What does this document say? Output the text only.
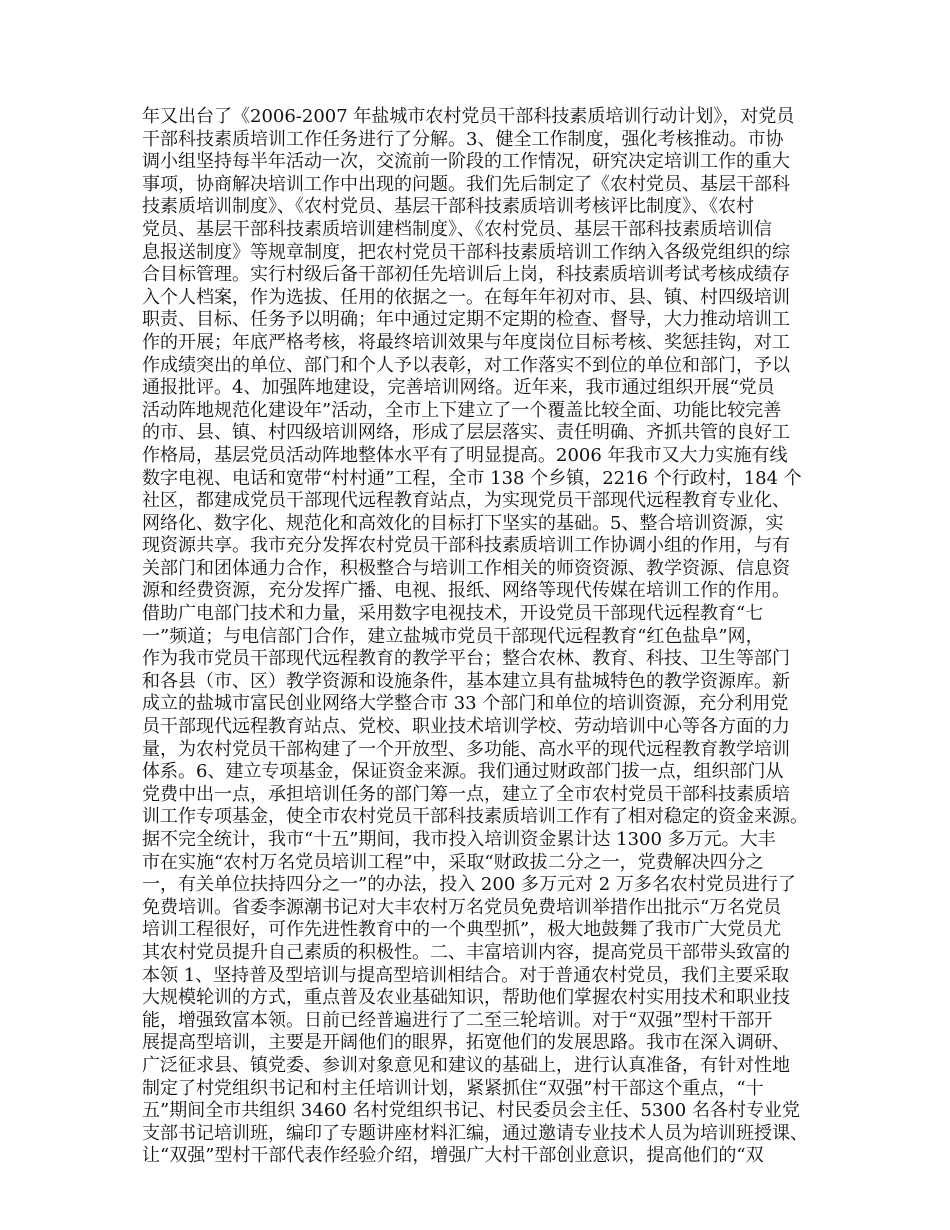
年又出台了《2006-2007 年盐城市农村党员干部科技素质培训行动计划》，对党员
干部科技素质培训工作任务进行了分解。3、健全工作制度，强化考核推动。市协
调小组坚持每半年活动一次，交流前一阶段的工作情况，研究决定培训工作的重大
事项，协商解决培训工作中出现的问题。我们先后制定了《农村党员、基层干部科
技素质培训制度》、《农村党员、基层干部科技素质培训考核评比制度》、《农村
党员、基层干部科技素质培训建档制度》、《农村党员、基层干部科技素质培训信
息报送制度》等规章制度，把农村党员干部科技素质培训工作纳入各级党组织的综
合目标管理。实行村级后备干部初任先培训后上岗，科技素质培训考试考核成绩存
入个人档案，作为选拔、任用的依据之一。在每年年初对市、县、镇、村四级培训
职责、目标、任务予以明确；年中通过定期不定期的检查、督导，大力推动培训工
作的开展；年底严格考核，将最终培训效果与年度岗位目标考核、奖惩挂钩，对工
作成绩突出的单位、部门和个人予以表彰，对工作落实不到位的单位和部门，予以
通报批评。4、加强阵地建设，完善培训网络。近年来，我市通过组织开展“党员
活动阵地规范化建设年”活动，全市上下建立了一个覆盖比较全面、功能比较完善
的市、县、镇、村四级培训网络，形成了层层落实、责任明确、齐抓共管的良好工
作格局，基层党员活动阵地整体水平有了明显提高。2006 年我市又大力实施有线
数字电视、电话和宽带“村村通”工程，全市 138 个乡镇，2216 个行政村，184 个
社区，都建成党员干部现代远程教育站点，为实现党员干部现代远程教育专业化、
网络化、数字化、规范化和高效化的目标打下坚实的基础。5、整合培训资源，实
现资源共享。我市充分发挥农村党员干部科技素质培训工作协调小组的作用，与有
关部门和团体通力合作，积极整合与培训工作相关的师资资源、教学资源、信息资
源和经费资源，充分发挥广播、电视、报纸、网络等现代传媒在培训工作的作用。
借助广电部门技术和力量，采用数字电视技术，开设党员干部现代远程教育“七
一”频道；与电信部门合作，建立盐城市党员干部现代远程教育“红色盐阜”网，
作为我市党员干部现代远程教育的教学平台；整合农林、教育、科技、卫生等部门
和各县（市、区）教学资源和设施条件，基本建立具有盐城特色的教学资源库。新
成立的盐城市富民创业网络大学整合市 33 个部门和单位的培训资源，充分利用党
员干部现代远程教育站点、党校、职业技术培训学校、劳动培训中心等各方面的力
量，为农村党员干部构建了一个开放型、多功能、高水平的现代远程教育教学培训
体系。6、建立专项基金，保证资金来源。我们通过财政部门拔一点，组织部门从
党费中出一点，承担培训任务的部门筹一点，建立了全市农村党员干部科技素质培
训工作专项基金，使全市农村党员干部科技素质培训工作有了相对稳定的资金来源。
据不完全统计，我市“十五”期间，我市投入培训资金累计达 1300 多万元。大丰
市在实施“农村万名党员培训工程”中，采取“财政拔二分之一，党费解决四分之
一，有关单位扶持四分之一”的办法，投入 200 多万元对 2 万多名农村党员进行了
免费培训。省委李源潮书记对大丰农村万名党员免费培训举措作出批示“万名党员
培训工程很好，可作先进性教育中的一个典型抓”，极大地鼓舞了我市广大党员尤
其农村党员提升自己素质的积极性。二、丰富培训内容，提高党员干部带头致富的
本领 1、坚持普及型培训与提高型培训相结合。对于普通农村党员，我们主要采取
大规模轮训的方式，重点普及农业基础知识，帮助他们掌握农村实用技术和职业技
能，增强致富本领。日前已经普遍进行了二至三轮培训。对于“双强”型村干部开
展提高型培训，主要是开阔他们的眼界，拓宽他们的发展思路。我市在深入调研、
广泛征求县、镇党委、参训对象意见和建议的基础上，进行认真准备，有针对性地
制定了村党组织书记和村主任培训计划，紧紧抓住“双强”村干部这个重点，“十
五”期间全市共组织 3460 名村党组织书记、村民委员会主任、5300 名各村专业党
支部书记培训班，编印了专题讲座材料汇编，通过邀请专业技术人员为培训班授课、
让“双强”型村干部代表作经验介绍，增强广大村干部创业意识，提高他们的“双
